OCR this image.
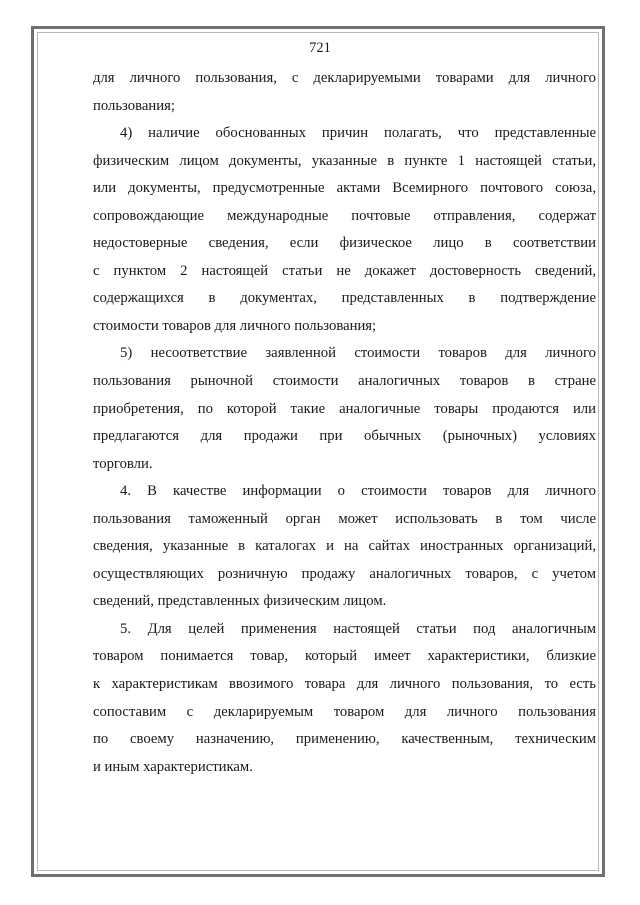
721

для личного пользования, с декларируемыми товарами для личного
пользования;

4) наличие обоснованных причин полагать, что представленные
физическим лицом документы, указанные в пункте 1 настоящей статьи,
или документы, предусмотренные актами Всемирного почтового союза,
сопровождающие международные почтовые отправления, содержат
недостоверные сведения, если физическое лицо в соответствии
с пунктом 2 настоящей статьи не докажет достоверность сведений,
содержащихся в документах, представленных в подтверждение
стоимости товаров для личного пользования;

5) несоответствие заявленной стоимости товаров для личного
пользования рыночной стоимости аналогичных товаров в стране
приобретения, по которой такие аналогичные товары продаются или
предлагаются для продажи при обычных (рыночных) условиях
торговли.

4. В качестве информации о стоимости товаров для личного
пользования таможенный орган может использовать в том числе
сведения, указанные в каталогах и на сайтах иностранных организаций,
осуществляющих розничную продажу аналогичных товаров, с учетом
сведений, представленных физическим лицом.

5. Для целей применения настоящей статьи под аналогичным
товаром понимается товар, который имеет характеристики, близкие
к характеристикам ввозимого товара для личного пользования, то есть
сопоставим с декларируемым товаром для личного пользования
по своему назначению, применению, качественным, техническим
и иным характеристикам.
